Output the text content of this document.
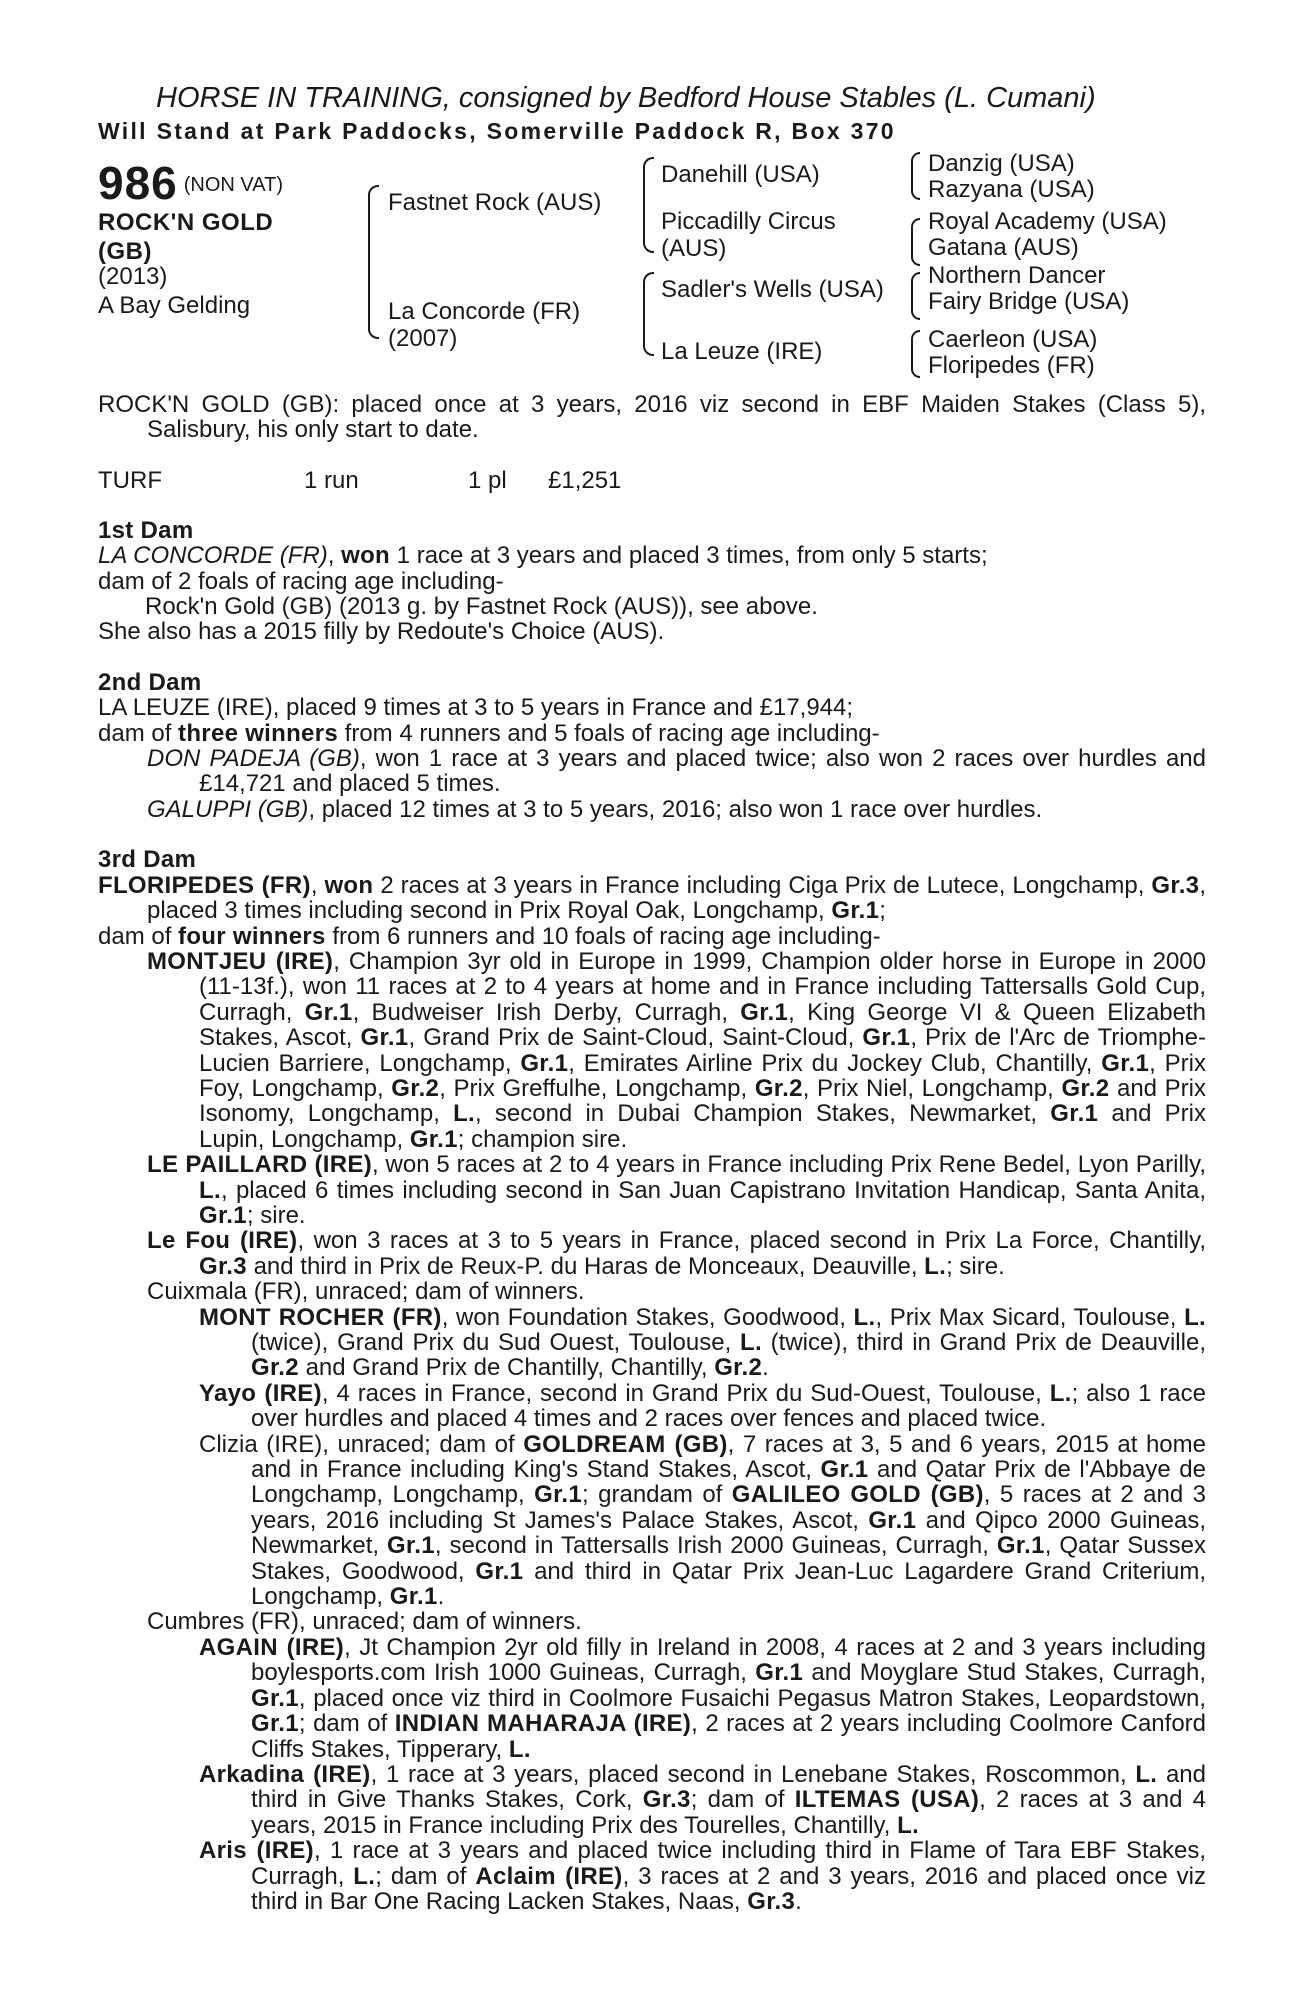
HORSE IN TRAINING, consigned by Bedford House Stables (L. Cumani)
Will Stand at Park Paddocks, Somerville Paddock R, Box 370
986 (NON VAT)
ROCK'N GOLD
(GB)
(2013)
A Bay Gelding
Fastnet Rock (AUS)
La Concorde (FR)
(2007)
Danehill (USA)
Piccadilly Circus
(AUS)
Sadler's Wells (USA)
La Leuze (IRE)
Danzig (USA)
Razyana (USA)
Royal Academy (USA)
Gatana (AUS)
Northern Dancer
Fairy Bridge (USA)
Caerleon (USA)
Floripedes (FR)

ROCK'N GOLD (GB): placed once at 3 years, 2016 viz second in EBF Maiden Stakes (Class 5), Salisbury, his only start to date.

TURF	1 run	1 pl £1,251

1st Dam

LA CONCORDE (FR), won 1 race at 3 years and placed 3 times, from only 5 starts;

dam of 2 foals of racing age including-

Rock'n Gold (GB) (2013 g. by Fastnet Rock (AUS)), see above.

She also has a 2015 filly by Redoute's Choice (AUS).

2nd Dam

LA LEUZE (IRE), placed 9 times at 3 to 5 years in France and £17,944;

dam of three winners from 4 runners and 5 foals of racing age including-

DON PADEJA (GB), won 1 race at 3 years and placed twice; also won 2 races over hurdles and £14,721 and placed 5 times.

GALUPPI (GB), placed 12 times at 3 to 5 years, 2016; also won 1 race over hurdles.

3rd Dam

FLORIPEDES (FR), won 2 races at 3 years in France including Ciga Prix de Lutece, Longchamp, Gr.3, placed 3 times including second in Prix Royal Oak, Longchamp, Gr.1;

dam of four winners from 6 runners and 10 foals of racing age including-

MONTJEU (IRE), Champion 3yr old in Europe in 1999, Champion older horse in Europe in 2000 (11-13f.), won 11 races at 2 to 4 years at home and in France including Tattersalls Gold Cup, Curragh, Gr.1, Budweiser Irish Derby, Curragh, Gr.1, King George VI & Queen Elizabeth Stakes, Ascot, Gr.1, Grand Prix de Saint-Cloud, Saint-Cloud, Gr.1, Prix de l'Arc de Triomphe-Lucien Barriere, Longchamp, Gr.1, Emirates Airline Prix du Jockey Club, Chantilly, Gr.1, Prix Foy, Longchamp, Gr.2, Prix Greffulhe, Longchamp, Gr.2, Prix Niel, Longchamp, Gr.2 and Prix Isonomy, Longchamp, L., second in Dubai Champion Stakes, Newmarket, Gr.1 and Prix Lupin, Longchamp, Gr.1; champion sire.

LE PAILLARD (IRE), won 5 races at 2 to 4 years in France including Prix Rene Bedel, Lyon Parilly, L., placed 6 times including second in San Juan Capistrano Invitation Handicap, Santa Anita, Gr.1; sire.

Le Fou (IRE), won 3 races at 3 to 5 years in France, placed second in Prix La Force, Chantilly, Gr.3 and third in Prix de Reux-P. du Haras de Monceaux, Deauville, L.; sire.

Cuixmala (FR), unraced; dam of winners.

MONT ROCHER (FR), won Foundation Stakes, Goodwood, L., Prix Max Sicard, Toulouse, L. (twice), Grand Prix du Sud Ouest, Toulouse, L. (twice), third in Grand Prix de Deauville, Gr.2 and Grand Prix de Chantilly, Chantilly, Gr.2.

Yayo (IRE), 4 races in France, second in Grand Prix du Sud-Ouest, Toulouse, L.; also 1 race over hurdles and placed 4 times and 2 races over fences and placed twice.

Clizia (IRE), unraced; dam of GOLDREAM (GB), 7 races at 3, 5 and 6 years, 2015 at home and in France including King's Stand Stakes, Ascot, Gr.1 and Qatar Prix de l'Abbaye de Longchamp, Longchamp, Gr.1; grandam of GALILEO GOLD (GB), 5 races at 2 and 3 years, 2016 including St James's Palace Stakes, Ascot, Gr.1 and Qipco 2000 Guineas, Newmarket, Gr.1, second in Tattersalls Irish 2000 Guineas, Curragh, Gr.1, Qatar Sussex Stakes, Goodwood, Gr.1 and third in Qatar Prix Jean-Luc Lagardere Grand Criterium, Longchamp, Gr.1.

Cumbres (FR), unraced; dam of winners.

AGAIN (IRE), Jt Champion 2yr old filly in Ireland in 2008, 4 races at 2 and 3 years including boylesports.com Irish 1000 Guineas, Curragh, Gr.1 and Moyglare Stud Stakes, Curragh, Gr.1, placed once viz third in Coolmore Fusaichi Pegasus Matron Stakes, Leopardstown, Gr.1; dam of INDIAN MAHARAJA (IRE), 2 races at 2 years including Coolmore Canford Cliffs Stakes, Tipperary, L.

Arkadina (IRE), 1 race at 3 years, placed second in Lenebane Stakes, Roscommon, L. and third in Give Thanks Stakes, Cork, Gr.3; dam of ILTEMAS (USA), 2 races at 3 and 4 years, 2015 in France including Prix des Tourelles, Chantilly, L.

Aris (IRE), 1 race at 3 years and placed twice including third in Flame of Tara EBF Stakes, Curragh, L.; dam of Aclaim (IRE), 3 races at 2 and 3 years, 2016 and placed once viz third in Bar One Racing Lacken Stakes, Naas, Gr.3.
